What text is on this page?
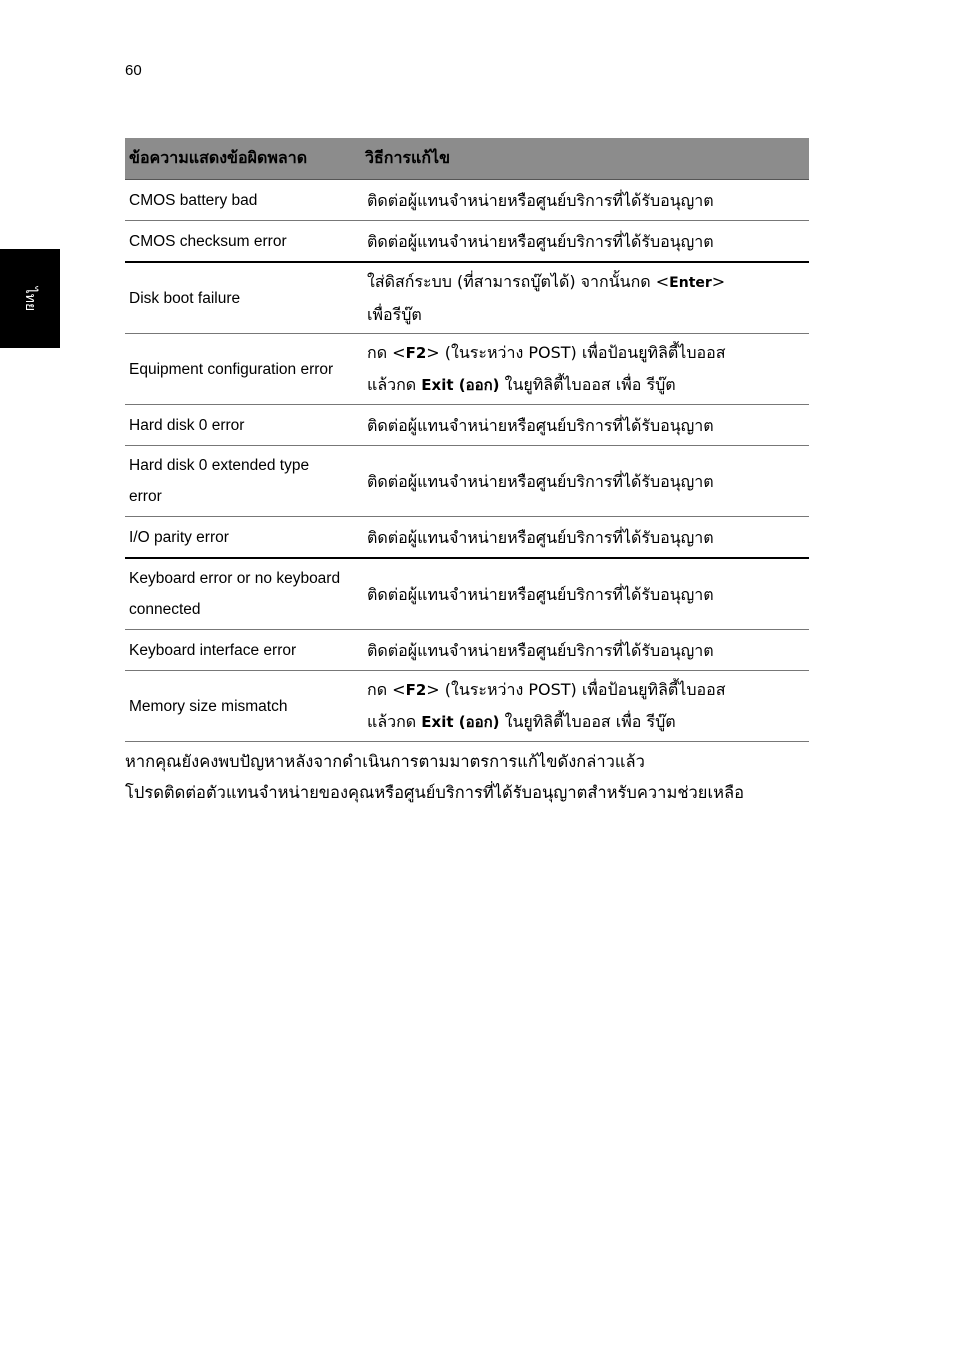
60
ไทย
ข้อความแสดงข้อผิดพลาด	วิธีการแก้ไข
CMOS battery bad	ติดต่อผู้แทนจำหน่ายหรือศูนย์บริการที่ได้รับอนุญาต
CMOS checksum error	ติดต่อผู้แทนจำหน่ายหรือศูนย์บริการที่ได้รับอนุญาต
Disk boot failure	ใส่ดิสก์ระบบ (ที่สามารถบู๊ตได้) จากนั้นกด <Enter>
เพื่อรีบู๊ต
Equipment configuration error	กด <F2> (ในระหว่าง POST) เพื่อป้อนยูทิลิตี้ไบออส
แล้วกด Exit (ออก) ในยูทิลิตี้ไบออส เพื่อ รีบู๊ต
Hard disk 0 error	ติดต่อผู้แทนจำหน่ายหรือศูนย์บริการที่ได้รับอนุญาต
Hard disk 0 extended type
error	ติดต่อผู้แทนจำหน่ายหรือศูนย์บริการที่ได้รับอนุญาต
I/O parity error	ติดต่อผู้แทนจำหน่ายหรือศูนย์บริการที่ได้รับอนุญาต
Keyboard error or no keyboard
connected	ติดต่อผู้แทนจำหน่ายหรือศูนย์บริการที่ได้รับอนุญาต
Keyboard interface error	ติดต่อผู้แทนจำหน่ายหรือศูนย์บริการที่ได้รับอนุญาต
Memory size mismatch	กด <F2> (ในระหว่าง POST) เพื่อป้อนยูทิลิตี้ไบออส
แล้วกด Exit (ออก) ในยูทิลิตี้ไบออส เพื่อ รีบู๊ต
หากคุณยังคงพบปัญหาหลังจากดำเนินการตามมาตรการแก้ไขดังกล่าวแล้ว
โปรดติดต่อตัวแทนจำหน่ายของคุณหรือศูนย์บริการที่ได้รับอนุญาตสำหรับความช่วยเหลือ
